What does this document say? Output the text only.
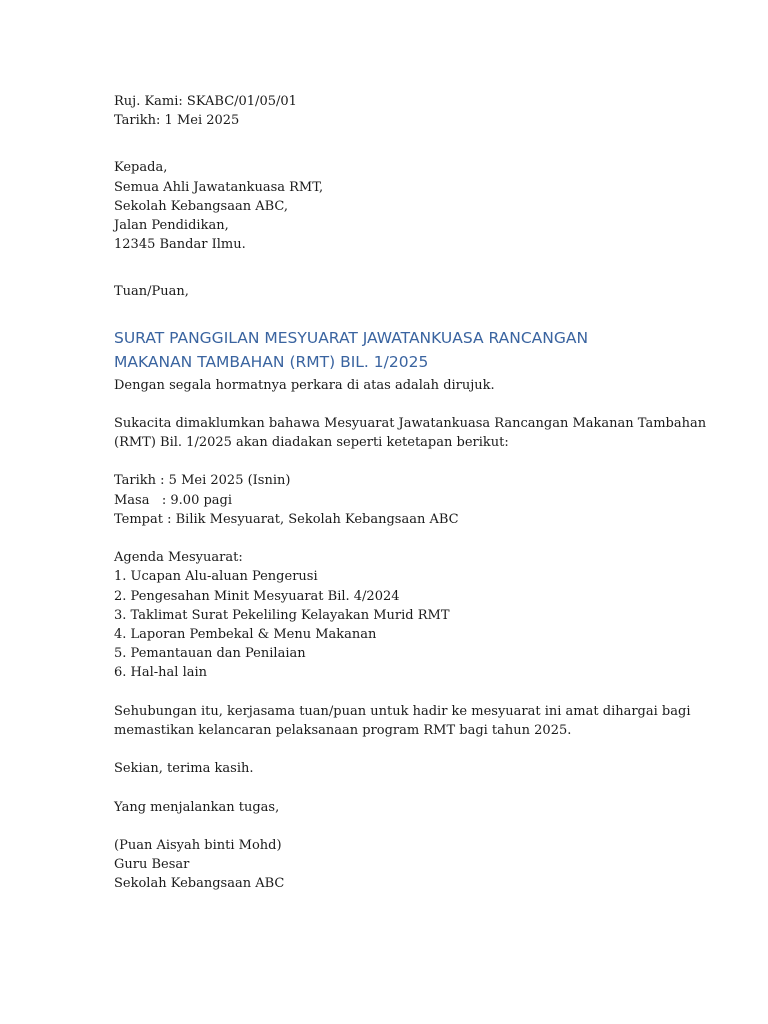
Ruj. Kami: SKABC/01/05/01
Tarikh: 1 Mei 2025
Kepada,
Semua Ahli Jawatankuasa RMT,
Sekolah Kebangsaan ABC,
Jalan Pendidikan,
12345 Bandar Ilmu.
Tuan/Puan,
SURAT PANGGILAN MESYUARAT JAWATANKUASA RANCANGAN
MAKANAN TAMBAHAN (RMT) BIL. 1/2025
Dengan segala hormatnya perkara di atas adalah dirujuk.
Sukacita dimaklumkan bahawa Mesyuarat Jawatankuasa Rancangan Makanan Tambahan
(RMT) Bil. 1/2025 akan diadakan seperti ketetapan berikut:
Tarikh : 5 Mei 2025 (Isnin)
Masa   : 9.00 pagi
Tempat : Bilik Mesyuarat, Sekolah Kebangsaan ABC
Agenda Mesyuarat:
1. Ucapan Alu-aluan Pengerusi
2. Pengesahan Minit Mesyuarat Bil. 4/2024
3. Taklimat Surat Pekeliling Kelayakan Murid RMT
4. Laporan Pembekal & Menu Makanan
5. Pemantauan dan Penilaian
6. Hal-hal lain
Sehubungan itu, kerjasama tuan/puan untuk hadir ke mesyuarat ini amat dihargai bagi
memastikan kelancaran pelaksanaan program RMT bagi tahun 2025.
Sekian, terima kasih.
Yang menjalankan tugas,
(Puan Aisyah binti Mohd)
Guru Besar
Sekolah Kebangsaan ABC
